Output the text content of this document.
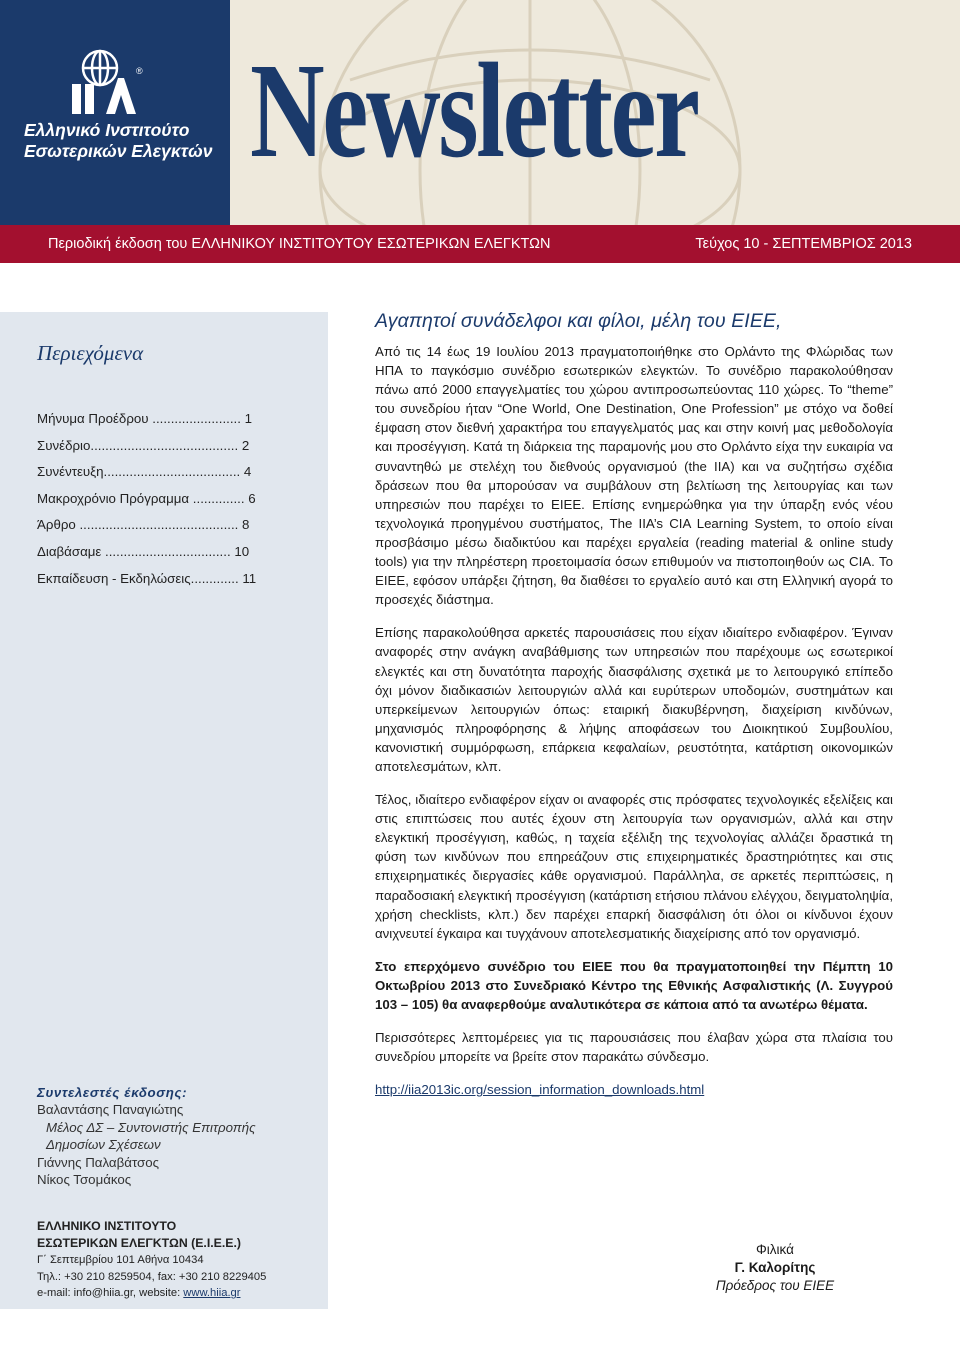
®
Ελληνικό Ινστιτούτο
Εσωτερικών Ελεγκτών Newsletter
Περιοδική έκδοση του ΕΛΛΗΝΙΚΟΥ ΙΝΣΤΙΤΟΥΤΟΥ ΕΣΩΤΕΡΙΚΩΝ ΕΛΕΓΚΤΩΝ	Τεύχος 10 - ΣΕΠΤΕΜΒΡΙΟΣ 2013
Περιεχόμενα
Μήνυμα Προέδρου ........................ 1
Συνέδριο........................................ 2
Συνέντευξη..................................... 4
Μακροχρόνιο Πρόγραμμα .............. 6
Άρθρο ........................................... 8
Διαβάσαμε .................................. 10
Εκπαίδευση - Εκδηλώσεις............. 11
Συντελεστές έκδοσης:
Βαλαντάσης Παναγιώτης
Μέλος ΔΣ – Συντονιστής Επιτροπής
Δημοσίων Σχέσεων
Γιάννης Παλαβάτσος
Νίκος Τσομάκος
ΕΛΛΗΝΙΚΟ ΙΝΣΤΙΤΟΥΤΟ
ΕΣΩΤΕΡΙΚΩΝ ΕΛΕΓΚΤΩΝ (Ε.Ι.Ε.Ε.)
Γ΄ Σεπτεμβρίου 101 Αθήνα 10434
Τηλ.: +30 210 8259504, fax: +30 210 8229405
e-mail: info@hiia.gr, website: www.hiia.gr
Αγαπητοί συνάδελφοι και φίλοι, μέλη του ΕΙΕΕ,

Από τις 14 έως 19 Ιουλίου 2013 πραγματοποιήθηκε στο Ορλάντο της Φλώριδας των ΗΠΑ το παγκόσμιο συνέδριο εσωτερικών ελεγκτών. Το συνέδριο παρακολούθησαν πάνω από 2000 επαγγελματίες του χώρου αντιπροσωπεύοντας 110 χώρες. Το “theme” του συνεδρίου ήταν “One World, One Destination, One Profession” με στόχο να δοθεί έμφαση στον διεθνή χαρακτήρα του επαγγελματός μας και στην κοινή μας μεθοδολογία και προσέγγιση. Κατά τη διάρκεια της παραμονής μου στο Ορλάντο είχα την ευκαιρία να συναντηθώ με στελέχη του διεθνούς οργανισμού (the IIA) και να συζητήσω σχέδια δράσεων που θα μπορούσαν να συμβάλουν στη βελτίωση της λειτουργίας και των υπηρεσιών που παρέχει το ΕΙΕΕ. Επίσης ενημερώθηκα για την ύπαρξη ενός νέου τεχνολογικά προηγμένου συστήματος, The IIA’s CIA Learning System, το οποίο είναι προσβάσιμο μέσω διαδικτύου και παρέχει εργαλεία (reading material & online study tools) για την πληρέστερη προετοιμασία όσων επιθυμούν να πιστοποιηθούν ως CIA. Το ΕΙΕΕ, εφόσον υπάρξει ζήτηση, θα διαθέσει το εργαλείο αυτό και στη Ελληνική αγορά το προσεχές διάστημα.

Επίσης παρακολούθησα αρκετές παρουσιάσεις που είχαν ιδιαίτερο ενδιαφέρον. Έγιναν αναφορές στην ανάγκη αναβάθμισης των υπηρεσιών που παρέχουμε ως εσωτερικοί ελεγκτές και στη δυνατότητα παροχής διασφάλισης σχετικά με το λειτουργικό επίπεδο όχι μόνον διαδικασιών λειτουργιών αλλά και ευρύτερων υποδομών, συστημάτων και υπερκείμενων λειτουργιών όπως: εταιρική διακυβέρνηση, διαχείριση κινδύνων, μηχανισμός πληροφόρησης & λήψης αποφάσεων του Διοικητικού Συμβουλίου, κανονιστική συμμόρφωση, επάρκεια κεφαλαίων, ρευστότητα, κατάρτιση οικονομικών αποτελεσμάτων, κλπ.

Τέλος, ιδιαίτερο ενδιαφέρον είχαν οι αναφορές στις πρόσφατες τεχνολογικές εξελίξεις και στις επιπτώσεις που αυτές έχουν στη λειτουργία των οργανισμών, αλλά και στην ελεγκτική προσέγγιση, καθώς, η ταχεία εξέλιξη της τεχνολογίας αλλάζει δραστικά τη φύση των κινδύνων που επηρεάζουν στις επιχειρηματικές δραστηριότητες και στις επιχειρηματικές διεργασίες κάθε οργανισμού. Παράλληλα, σε αρκετές περιπτώσεις, η παραδοσιακή ελεγκτική προσέγγιση (κατάρτιση ετήσιου πλάνου ελέγχου, δειγματοληψία, χρήση checklists, κλπ.) δεν παρέχει επαρκή διασφάλιση ότι όλοι οι κίνδυνοι έχουν ανιχνευτεί έγκαιρα και τυγχάνουν αποτελεσματικής διαχείρισης από τον οργανισμό.

Στο επερχόμενο συνέδριο του ΕΙΕΕ που θα πραγματοποιηθεί την Πέμπτη 10 Οκτωβρίου 2013 στο Συνεδριακό Κέντρο της Εθνικής Ασφαλιστικής (Λ. Συγγρού 103 – 105) θα αναφερθούμε αναλυτικότερα σε κάποια από τα ανωτέρω θέματα.

Περισσότερες λεπτομέρειες για τις παρουσιάσεις που έλαβαν χώρα στα πλαίσια του συνεδρίου μπορείτε να βρείτε στον παρακάτω σύνδεσμο.

http://iia2013ic.org/session_information_downloads.html
Φιλικά
Γ. Καλορίτης
Πρόεδρος του ΕΙΕΕ
